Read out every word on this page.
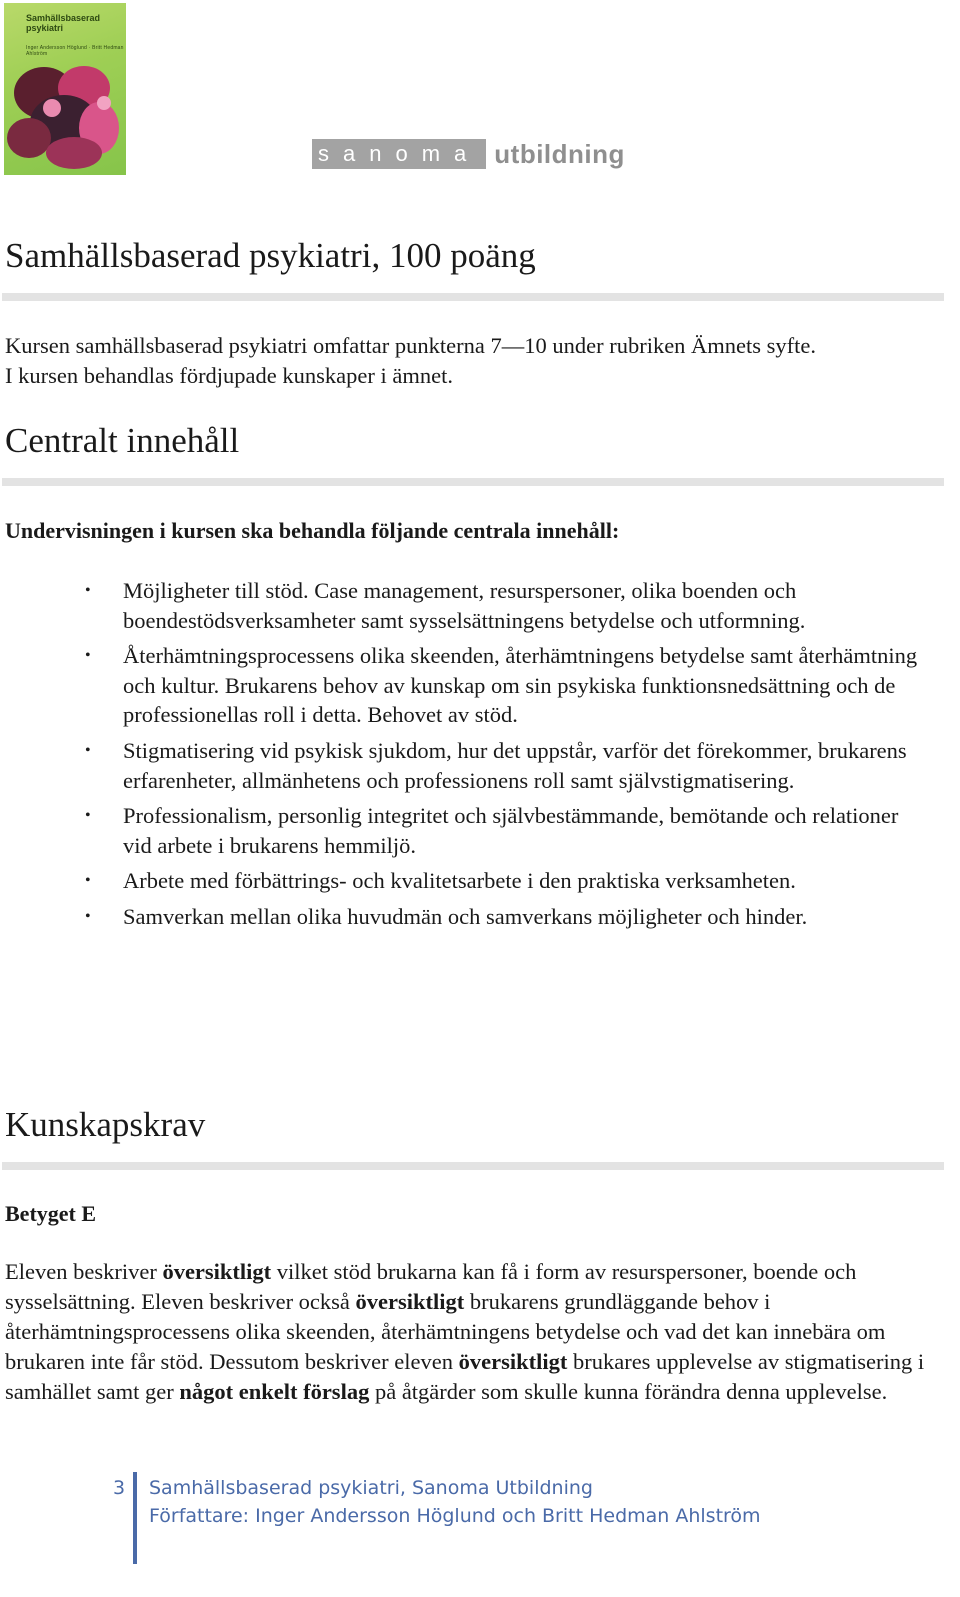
Samhällsbaserad psykiatri
Inger Andersson Höglund · Britt Hedman Ahlström
sanoma utbildning
Samhällsbaserad psykiatri, 100 poäng

Kursen samhällsbaserad psykiatri omfattar punkterna 7—10 under rubriken Ämnets syfte.
I kursen behandlas fördjupade kunskaper i ämnet.

Centralt innehåll

Undervisningen i kursen ska behandla följande centrala innehåll:

• Möjligheter till stöd. Case management, resurspersoner, olika boenden och boendestödsverksamheter samt sysselsättningens betydelse och utformning.
• Återhämtningsprocessens olika skeenden, återhämtningens betydelse samt återhämtning och kultur. Brukarens behov av kunskap om sin psykiska funktionsnedsättning och de professionellas roll i detta. Behovet av stöd.
• Stigmatisering vid psykisk sjukdom, hur det uppstår, varför det förekommer, brukarens erfarenheter, allmänhetens och professionens roll samt självstigmatisering.
• Professionalism, personlig integritet och självbestämmande, bemötande och relationer vid arbete i brukarens hemmiljö.
• Arbete med förbättrings- och kvalitetsarbete i den praktiska verksamheten.
• Samverkan mellan olika huvudmän och samverkans möjligheter och hinder.
Kunskapskrav

Betyget E

Eleven beskriver översiktligt vilket stöd brukarna kan få i form av resurspersoner, boende och sysselsättning. Eleven beskriver också översiktligt brukarens grundläggande behov i återhämtningsprocessens olika skeenden, återhämtningens betydelse och vad det kan innebära om brukaren inte får stöd. Dessutom beskriver eleven översiktligt brukares upplevelse av stigmatisering i samhället samt ger något enkelt förslag på åtgärder som skulle kunna förändra denna upplevelse.

3 Samhällsbaserad psykiatri, Sanoma Utbildning
Författare: Inger Andersson Höglund och Britt Hedman Ahlström
